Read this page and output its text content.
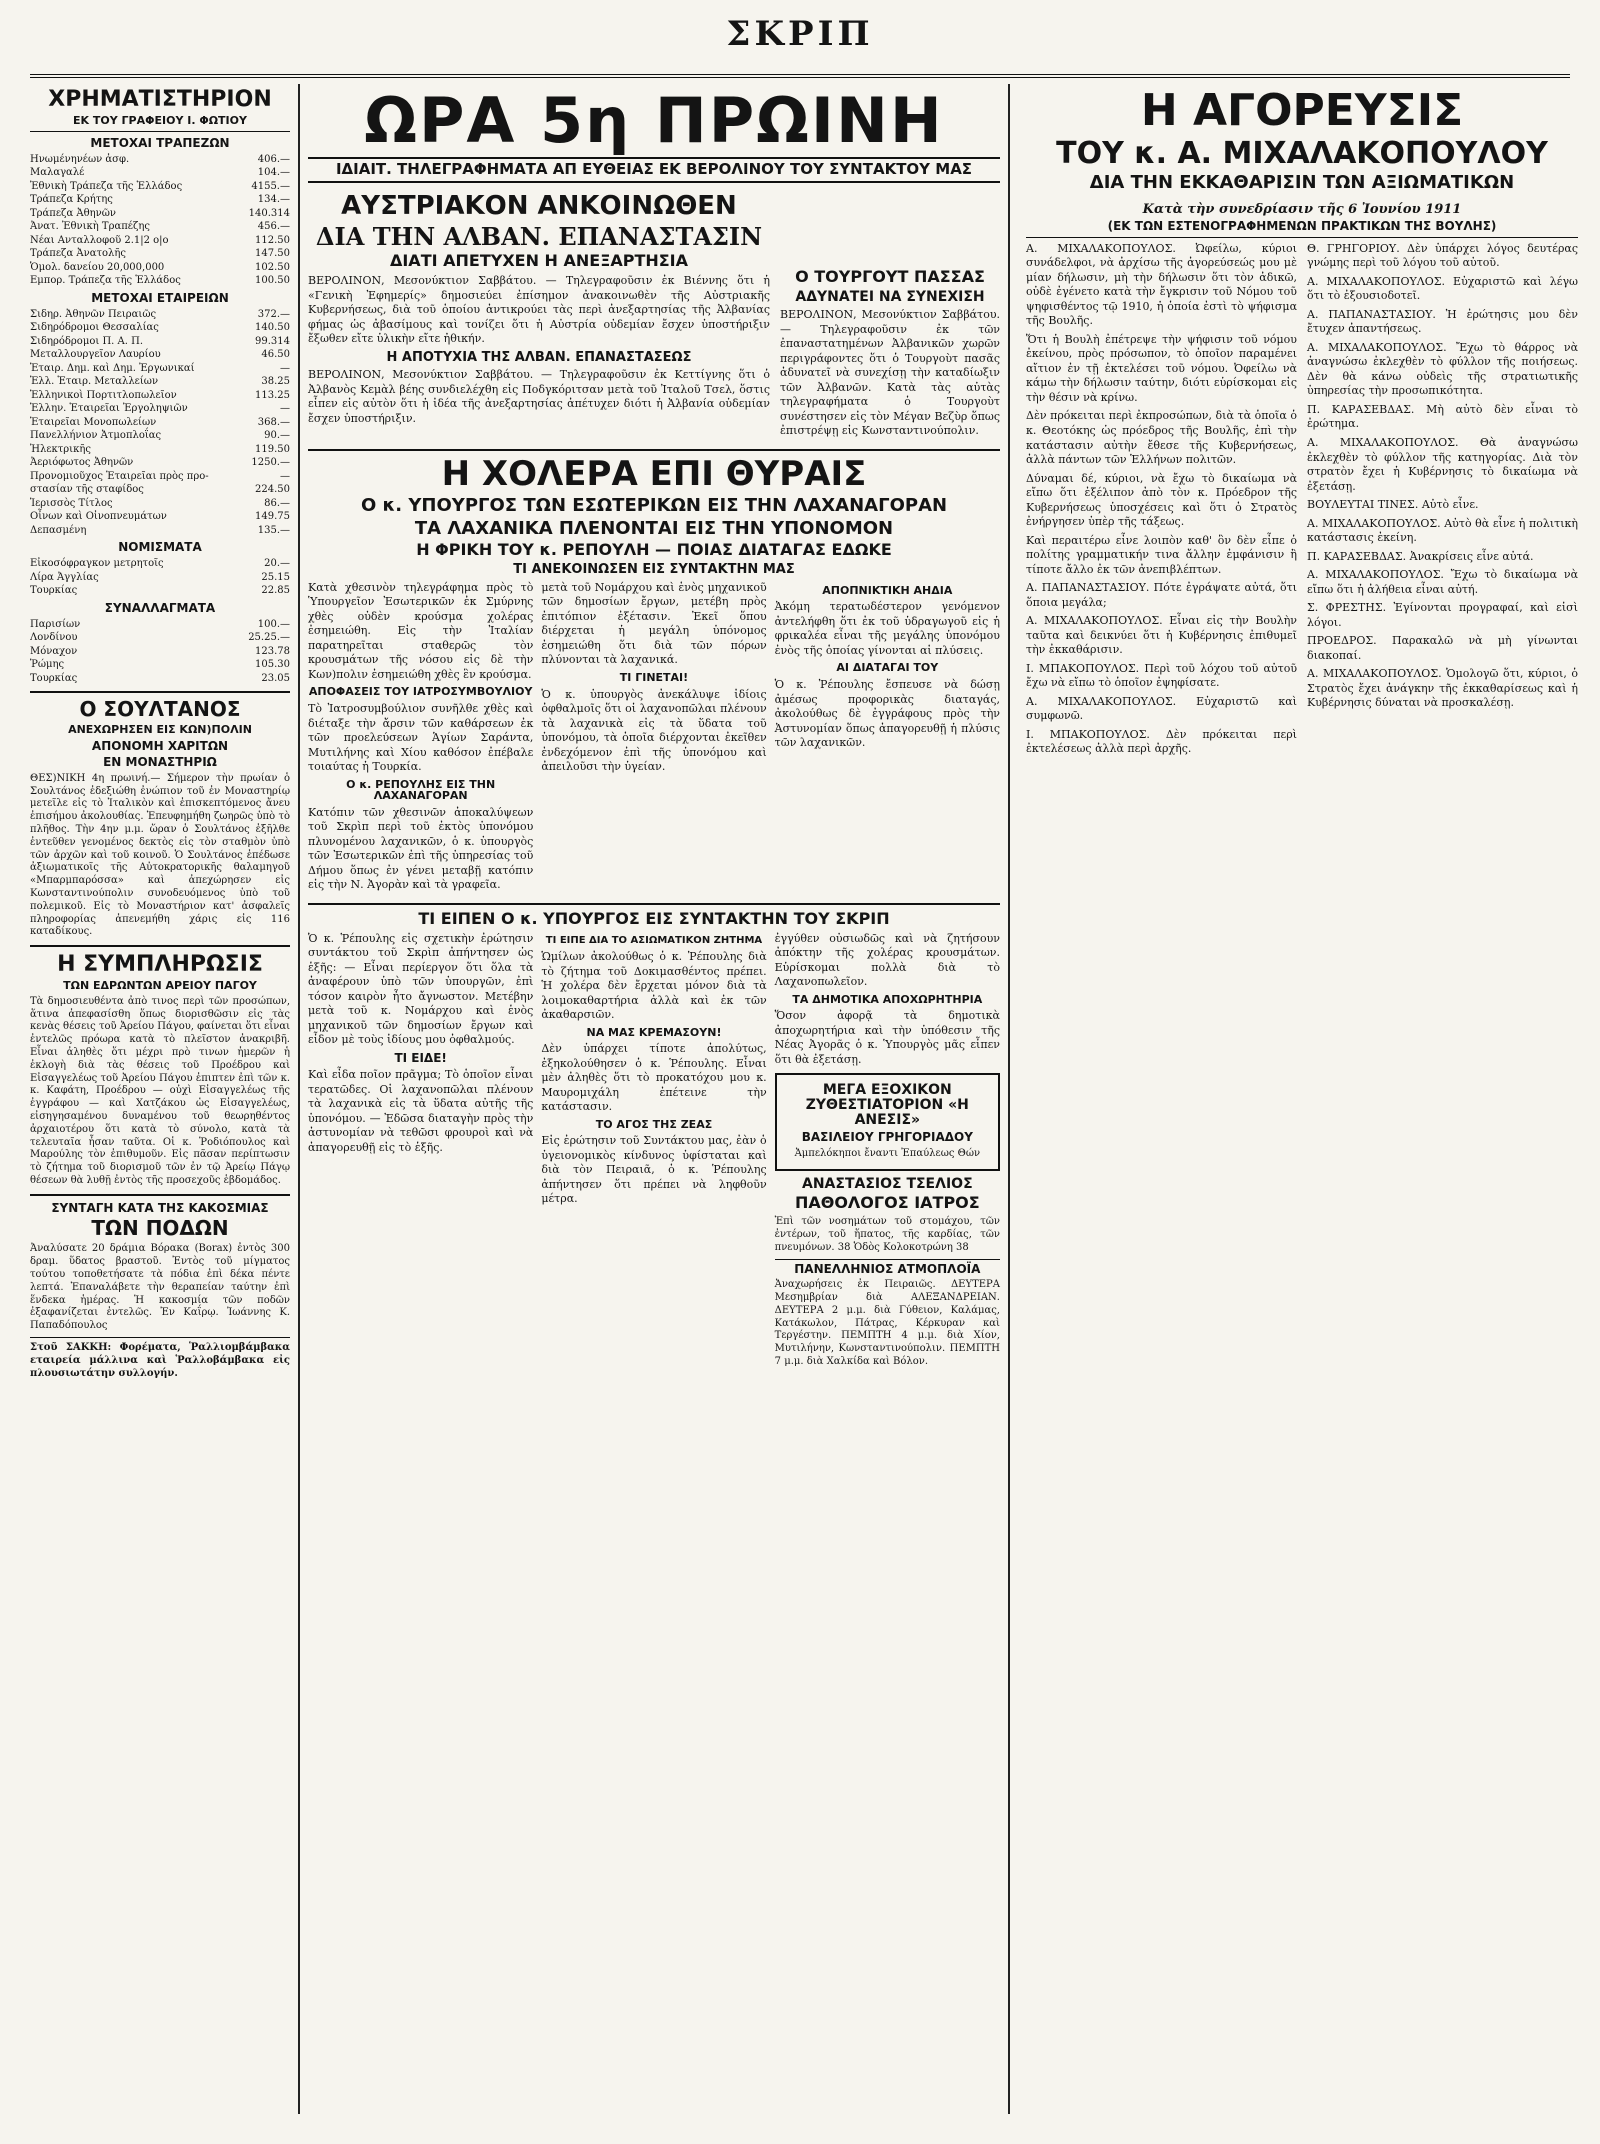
ΣΚΡΙΠ
ΧΡΗΜΑΤΙΣΤΗΡΙΟΝ
ΕΚ ΤΟΥ ΓΡΑΦΕΙΟΥ Ι. ΦΩΤΙΟΥ
ΜΕΤΟΧΑΙ ΤΡΑΠΕΖΩΝ
Ηνωμένηνέων ἀσφ.	406.—
Μαλαγαλέ	104.—
Ἐθνικὴ Τράπεζα τῆς Ἑλλάδος	4155.—
Τράπεζα Κρήτης	134.—
Τράπεζα Ἀθηνῶν	140.314
Ἀνατ. Ἐθνικὴ Τραπέζης	456.—
Νέαι Ανταλλοφοῦ 2.1|2 ο|ο	112.50
Τράπεζα Ἀνατολῆς	147.50
Ὁμολ. δανείου 20,000,000	102.50
Εμπορ. Τράπεζα τῆς Ἑλλάδος	100.50
ΜΕΤΟΧΑΙ ΕΤΑΙΡΕΙΩΝ
Σιδηρ. Ἀθηνῶν Πειραιῶς	372.—
Σιδηρόδρομοι Θεσσαλίας	140.50
Σιδηρόδρομοι Π. Α. Π.	99.314
Μεταλλουργεῖον Λαυρίου	46.50
Ἑταιρ. Δημ. καὶ Δημ. Ἐργωνικαί	—
Ἑλλ. Ἑταιρ. Μεταλλείων	38.25
Ἑλληνικοὶ Πορτιτλοπωλεῖον	113.25
Ἑλλην. Ἑταιρεῖαι Ἐργοληψιῶν	—
Ἑταιρεῖαι Μονοπωλείων	368.—
Πανελλήνιον Ἀτμοπλοΐας	90.—
Ἠλεκτρικῆς	119.50
Ἀεριόφωτος Ἀθηνῶν	1250.—
Προνομιοῦχος Ἑταιρεῖαι πρὸς προ-	—
στασίαν τῆς σταφίδος	224.50
Ἱερισσὸς Τίτλος	86.—
Οἶνων καὶ Οἰνοπνευμάτων	149.75
Δεπασμένη	135.—
ΝΟΜΙΣΜΑΤΑ
Εἰκοσόφραγκον μετρητοῖς	20.—
Λίρα Ἀγγλίας	25.15
Τουρκίας	22.85
ΣΥΝΑΛΛΑΓΜΑΤΑ
Παρισίων	100.—
Λονδίνου	25.25.—
Μόναχον	123.78
Ῥώμης	105.30
Τουρκίας	23.05
Ο ΣΟΥΛΤΑΝΟΣ
ΑΝΕΧΩΡΗΣΕΝ ΕΙΣ ΚΩΝ)ΠΟΛΙΝ
ΑΠΟΝΟΜΗ ΧΑΡΙΤΩΝ
ΕΝ ΜΟΝΑΣΤΗΡΙΩ

ΘΕΣ)ΝΙΚΗ 4η πρωινή.— Σήμερον τὴν πρωίαν ὁ Σουλτάνος ἐδεξιώθη ἐνώπιον τοῦ ἐν Μοναστηρίῳ μετεῖλε εἰς τὸ Ἰταλικὸν καὶ ἐπισκεπτόμενος ἄνευ ἐπισήμου ἀκολουθίας. Ἐπευφημήθη ζωηρῶς ὑπὸ τὸ πλῆθος. Τὴν 4ην μ.μ. ὥραν ὁ Σουλτάνος ἐξῆλθε ἐντεῦθεν γενομένος δεκτὸς εἰς τὸν σταθμὸν ὑπὸ τῶν ἀρχῶν καὶ τοῦ κοινοῦ. Ὁ Σουλτάνος ἐπέδωσε ἀξιωματικοῖς τῆς Αὐτοκρατορικῆς θαλαμηγοῦ «Μπαρμπαρόσσα» καὶ ἀπεχώρησεν εἰς Κωνσταντινούπολιν συνοδευόμενος ὑπὸ τοῦ πολεμικοῦ. Εἰς τὸ Μοναστήριον κατ' ἀσφαλεῖς πληροφορίας ἀπενεμήθη χάρις εἰς 116 καταδίκους.

Η ΣΥΜΠΛΗΡΩΣΙΣ
ΤΩΝ ΕΔΡΩΝΤΩΝ ΑΡΕΙΟΥ ΠΑΓΟΥ

Τὰ δημοσιευθέντα ἀπὸ τινος περὶ τῶν προσώπων, ἅτινα ἀπεφασίσθη ὅπως διορισθῶσιν εἰς τὰς κενὰς θέσεις τοῦ Ἀρείου Πάγου, φαίνεται ὅτι εἶναι ἐντελῶς πρόωρα κατὰ τὸ πλεῖστον ἀνακριβῆ. Εἶναι ἀληθὲς ὅτι μέχρι πρὸ τινων ἡμερῶν ἡ ἐκλογὴ διὰ τὰς θέσεις τοῦ Προέδρου καὶ Εἰσαγγελέως τοῦ Ἀρείου Πάγου ἐπιπτεν ἐπὶ τῶν κ. κ. Καφάτη, Προέδρου — οὐχὶ Εἰσαγγελέως τῆς ἐγγράφου — καὶ Χατζάκου ὡς Εἰσαγγελέως, εἰσηγησαμένου δυναμένου τοῦ θεωρηθέντος ἀρχαιοτέρου ὅτι κατὰ τὸ σύνολο, κατὰ τὰ τελευταῖα ἦσαν ταῦτα. Οἱ κ. Ῥοδιόπουλος καὶ Μαρούλης τὸν ἐπιθυμοῦν. Εἰς πᾶσαν περίπτωσιν τὸ ζήτημα τοῦ διορισμοῦ τῶν ἐν τῷ Ἀρείῳ Πάγῳ θέσεων θὰ λυθῇ ἐντὸς τῆς προσεχοῦς ἑβδομάδος.

ΣΥΝΤΑΓΗ ΚΑΤΑ ΤΗΣ ΚΑΚΟΣΜΙΑΣ
ΤΩΝ ΠΟΔΩΝ

Ἀναλύσατε 20 δράμια Βόρακα (Borax) ἐντὸς 300 δραμ. ὕδατος βραστοῦ. Ἐντὸς τοῦ μίγματος τούτου τοποθετήσατε τὰ πόδια ἐπὶ δέκα πέντε λεπτά. Ἐπαναλάβετε τὴν θεραπείαν ταύτην ἐπὶ ἕνδεκα ἡμέρας. Ἡ κακοσμία τῶν ποδῶν ἐξαφανίζεται ἐντελῶς. Ἐν Καΐρῳ. Ἰωάννης Κ. Παπαδόπουλος

Στοῦ ΣΑΚΚΗ: Φορέματα, Ῥαλλιομβάμβακα εταιρεία μάλλινα καὶ Ῥαλλοβάμβακα εἰς πλουσιωτάτην συλλογήν.

ΩΡΑ 5η ΠΡΩΙΝΗ
ΙΔΙΑΙΤ. ΤΗΛΕΓΡΑΦΗΜΑΤΑ ΑΠ ΕΥΘΕΙΑΣ ΕΚ ΒΕΡΟΛΙΝΟΥ ΤΟΥ ΣΥΝΤΑΚΤΟΥ ΜΑΣ
ΑΥΣΤΡΙΑΚΟΝ ΑΝΚΟΙΝΩΘΕΝ
ΔΙΑ ΤΗΝ ΑΛΒΑΝ. ΕΠΑΝΑΣΤΑΣΙΝ
ΔΙΑΤΙ ΑΠΕΤΥΧΕΝ Η ΑΝΕΞΑΡΤΗΣΙΑ

ΒΕΡΟΛΙΝΟΝ, Μεσονύκτιον Σαββάτου. — Τηλεγραφοῦσιν ἐκ Βιέννης ὅτι ἡ «Γενικὴ Ἐφημερίς» δημοσιεύει ἐπίσημον ἀνακοινωθὲν τῆς Αὐστριακῆς Κυβερνήσεως, διὰ τοῦ ὁποίου ἀντικρούει τὰς περὶ ἀνεξαρτησίας τῆς Ἀλβανίας φήμας ὡς ἀβασίμους καὶ τονίζει ὅτι ἡ Αὐστρία οὐδεμίαν ἔσχεν ὑποστήριξιν ἔξωθεν εἴτε ὑλικὴν εἴτε ἠθικήν.

Η ΑΠΟΤΥΧΙΑ ΤΗΣ ΑΛΒΑΝ. ΕΠΑΝΑΣΤΑΣΕΩΣ

ΒΕΡΟΛΙΝΟΝ, Μεσονύκτιον Σαββάτου. — Τηλεγραφοῦσιν ἐκ Κεττίγνης ὅτι ὁ Ἀλβανὸς Κεμὰλ βέης συνδιελέχθη εἰς Ποδγκόριτσαν μετὰ τοῦ Ἰταλοῦ Τσελ, ὅστις εἶπεν εἰς αὐτὸν ὅτι ἡ ἰδέα τῆς ἀνεξαρτησίας ἀπέτυχεν διότι ἡ Ἀλβανία οὐδεμίαν ἔσχεν ὑποστήριξιν.

Ο ΤΟΥΡΓΟΥΤ ΠΑΣΣΑΣ
ΑΔΥΝΑΤΕΙ ΝΑ ΣΥΝΕΧΙΣΗ

ΒΕΡΟΛΙΝΟΝ, Μεσονύκτιον Σαββάτου. — Τηλεγραφοῦσιν ἐκ τῶν ἐπαναστατημένων Ἀλβανικῶν χωρῶν περιγράφοντες ὅτι ὁ Τουργοὺτ πασᾶς ἀδυνατεῖ νὰ συνεχίσῃ τὴν καταδίωξιν τῶν Ἀλβανῶν. Κατὰ τὰς αὐτὰς τηλεγραφήματα ὁ Τουργοὺτ συνέστησεν εἰς τὸν Μέγαν Βεζὺρ ὅπως ἐπιστρέψῃ εἰς Κωνσταντινούπολιν.

Η ΧΟΛΕΡΑ ΕΠΙ ΘΥΡΑΙΣ
Ο κ. ΥΠΟΥΡΓΟΣ ΤΩΝ ΕΣΩΤΕΡΙΚΩΝ ΕΙΣ ΤΗΝ ΛΑΧΑΝΑΓΟΡΑΝ
ΤΑ ΛΑΧΑΝΙΚΑ ΠΛΕΝΟΝΤΑΙ ΕΙΣ ΤΗΝ ΥΠΟΝΟΜΟΝ
Η ΦΡΙΚΗ ΤΟΥ κ. ΡΕΠΟΥΛΗ — ΠΟΙΑΣ ΔΙΑΤΑΓΑΣ ΕΔΩΚΕ
ΤΙ ΑΝΕΚΟΙΝΩΣΕΝ ΕΙΣ ΣΥΝΤΑΚΤΗΝ ΜΑΣ

Κατὰ χθεσινὸν τηλεγράφημα πρὸς τὸ Ὑπουργεῖον Ἐσωτερικῶν ἐκ Σμύρνης χθὲς οὐδὲν κρούσμα χολέρας ἐσημειώθη. Εἰς τὴν Ἰταλίαν παρατηρεῖται σταθερῶς τὸν κρουσμάτων τῆς νόσου εἰς δὲ τὴν Κων)πολιν ἐσημειώθη χθὲς ἓν κρούσμα.

ΑΠΟΦΑΣΕΙΣ ΤΟΥ ΙΑΤΡΟΣΥΜΒΟΥΛΙΟΥ

Τὸ Ἰατροσυμβούλιον συνῆλθε χθὲς καὶ διέταξε τὴν ἄρσιν τῶν καθάρσεων ἐκ τῶν προελεύσεων Ἁγίων Σαράντα, Μυτιλήνης καὶ Χίου καθόσον ἐπέβαλε τοιαύτας ἡ Τουρκία.

Ο κ. ΡΕΠΟΥΛΗΣ ΕΙΣ ΤΗΝ ΛΑΧΑΝΑΓΟΡΑΝ

Κατόπιν τῶν χθεσινῶν ἀποκαλύψεων τοῦ Σκρὶπ περὶ τοῦ ἐκτὸς ὑπονόμου πλυνομένου λαχανικῶν, ὁ κ. ὑπουργὸς τῶν Ἐσωτερικῶν ἐπὶ τῆς ὑπηρεσίας τοῦ Δήμου ὅπως ἐν γένει μεταβῇ κατόπιν εἰς τὴν Ν. Ἀγορὰν καὶ τὰ γραφεῖα.

μετὰ τοῦ Νομάρχου καὶ ἑνὸς μηχανικοῦ τῶν δημοσίων ἔργων, μετέβη πρὸς ἐπιτόπιον ἐξέτασιν. Ἐκεῖ ὅπου διέρχεται ἡ μεγάλη ὑπόνομος ἐσημειώθη ὅτι διὰ τῶν πόρων πλύνονται τὰ λαχανικά.

ΤΙ ΓΙΝΕΤΑΙ!

Ὁ κ. ὑπουργὸς ἀνεκάλυψε ἰδίοις ὀφθαλμοῖς ὅτι οἱ λαχανοπῶλαι πλένουν τὰ λαχανικὰ εἰς τὰ ὕδατα τοῦ ὑπονόμου, τὰ ὁποῖα διέρχονται ἐκεῖθεν ἐνδεχόμενον ἐπὶ τῆς ὑπονόμου καὶ ἀπειλοῦσι τὴν ὑγείαν.

ΑΠΟΠΝΙΚΤΙΚΗ ΑΗΔΙΑ

Ἀκόμη τερατωδέστερον γενόμενον ἀντελήφθη ὅτι ἐκ τοῦ ὑδραγωγοῦ εἰς ἡ φρικαλέα εἶναι τῆς μεγάλης ὑπονόμου ἐνὸς τῆς ὁποίας γίνονται αἱ πλύσεις.

ΑΙ ΔΙΑΤΑΓΑΙ ΤΟΥ

Ὁ κ. Ῥέπουλης ἔσπευσε νὰ δώσῃ ἀμέσως προφορικὰς διαταγάς, ἀκολούθως δὲ ἐγγράφους πρὸς τὴν Ἀστυνομίαν ὅπως ἀπαγορευθῇ ἡ πλύσις τῶν λαχανικῶν.

ΤΙ ΕΙΠΕΝ Ο κ. ΥΠΟΥΡΓΟΣ ΕΙΣ ΣΥΝΤΑΚΤΗΝ ΤΟΥ ΣΚΡΙΠ

Ὁ κ. Ῥέπουλης εἰς σχετικὴν ἐρώτησιν συντάκτου τοῦ Σκρὶπ ἀπήντησεν ὡς ἑξῆς: — Εἶναι περίεργον ὅτι ὅλα τὰ ἀναφέρουν ὑπὸ τῶν ὑπουργῶν, ἐπὶ τόσον καιρὸν ἦτο ἄγνωστον. Μετέβην μετὰ τοῦ κ. Νομάρχου καὶ ἑνὸς μηχανικοῦ τῶν δημοσίων ἔργων καὶ εἶδον μὲ τοὺς ἰδίους μου ὀφθαλμούς.

ΤΙ ΕΙΔΕ!

Καὶ εἶδα ποῖον πρᾶγμα; Τὸ ὁποῖον εἶναι τερατῶδες. Οἱ λαχανοπῶλαι πλένουν τὰ λαχανικὰ εἰς τὰ ὕδατα αὐτῆς τῆς ὑπονόμου. — Ἐδῶσα διαταγὴν πρὸς τὴν ἀστυνομίαν νὰ τεθῶσι φρουροὶ καὶ νὰ ἀπαγορευθῇ εἰς τὸ ἑξῆς.

ΤΙ ΕΙΠΕ ΔΙΑ ΤΟ ΑΣΙΩΜΑΤΙΚΟΝ ΖΗΤΗΜΑ

Ὡμίλων ἀκολούθως ὁ κ. Ῥέπουλης διὰ τὸ ζήτημα τοῦ Δοκιμασθέντος πρέπει. Ἡ χολέρα δὲν ἔρχεται μόνον διὰ τὰ λοιμοκαθαρτήρια ἀλλὰ καὶ ἐκ τῶν ἀκαθαρσιῶν.

ΝΑ ΜΑΣ ΚΡΕΜΑΣΟΥΝ!

Δὲν ὑπάρχει τίποτε ἀπολύτως, ἐξηκολούθησεν ὁ κ. Ῥέπουλης. Εἶναι μὲν ἀληθὲς ὅτι τὸ προκατόχου μου κ. Μαυρομιχάλη ἐπέτεινε τὴν κατάστασιν.

ΤΟ ΑΓΟΣ ΤΗΣ ΖΕΑΣ

Εἰς ἐρώτησιν τοῦ Συντάκτου μας, ἐὰν ὁ ὑγειονομικὸς κίνδυνος ὑφίσταται καὶ διὰ τὸν Πειραιᾶ, ὁ κ. Ῥέπουλης ἀπήντησεν ὅτι πρέπει νὰ ληφθοῦν μέτρα.

ἐγγύθεν οὐσιωδῶς καὶ νὰ ζητήσουν ἀπόκτην τῆς χολέρας κρουσμάτων. Εὑρίσκομαι πολλὰ διὰ τὸ Λαχανοπωλεῖον.

ΤΑ ΔΗΜΟΤΙΚΑ ΑΠΟΧΩΡΗΤΗΡΙΑ

Ὅσον ἀφορᾷ τὰ δημοτικὰ ἀποχωρητήρια καὶ τὴν ὑπόθεσιν τῆς Νέας Ἀγορᾶς ὁ κ. Ὑπουργὸς μᾶς εἶπεν ὅτι θὰ ἐξετάσῃ.

ΜΕΓΑ ΕΞΟΧΙΚΟΝ ΖΥΘΕΣΤΙΑΤΟΡΙΟΝ «Η ΑΝΕΣΙΣ»
ΒΑΣΙΛΕΙΟΥ ΓΡΗΓΟΡΙΑΔΟΥ
Ἀμπελόκηποι ἔναντι Ἐπαύλεως Θών
ΑΝΑΣΤΑΣΙΟΣ ΤΣΕΛΙΟΣ
ΠΑΘΟΛΟΓΟΣ ΙΑΤΡΟΣ

Ἐπὶ τῶν νοσημάτων τοῦ στομάχου, τῶν ἐντέρων, τοῦ ἥπατος, τῆς καρδίας, τῶν πνευμόνων. 38 Ὁδὸς Κολοκοτρώνη 38

ΠΑΝΕΛΛΗΝΙΟΣ ΑΤΜΟΠΛΟΪΑ

Ἀναχωρήσεις ἐκ Πειραιῶς. ΔΕΥΤΕΡΑ Μεσημβρίαν διὰ ΑΛΕΞΑΝΔΡΕΙΑΝ. ΔΕΥΤΕΡΑ 2 μ.μ. διὰ Γύθειον, Καλάμας, Κατάκωλον, Πάτρας, Κέρκυραν καὶ Τεργέστην. ΠΕΜΠΤΗ 4 μ.μ. διὰ Χίον, Μυτιλήνην, Κωνσταντινούπολιν. ΠΕΜΠΤΗ 7 μ.μ. διὰ Χαλκίδα καὶ Βόλον.

Η ΑΓΟΡΕΥΣΙΣ
ΤΟΥ κ. Α. ΜΙΧΑΛΑΚΟΠΟΥΛΟΥ
ΔΙΑ ΤΗΝ ΕΚΚΑΘΑΡΙΣΙΝ ΤΩΝ ΑΞΙΩΜΑΤΙΚΩΝ
Κατὰ τὴν συνεδρίασιν τῆς 6 Ἰουνίου 1911
(ΕΚ ΤΩΝ ΕΣΤΕΝΟΓΡΑΦΗΜΕΝΩΝ ΠΡΑΚΤΙΚΩΝ ΤΗΣ ΒΟΥΛΗΣ)

Α. ΜΙΧΑΛΑΚΟΠΟΥΛΟΣ. Ὠφείλω, κύριοι συνάδελφοι, νὰ ἀρχίσω τῆς ἀγορεύσεώς μου μὲ μίαν δήλωσιν, μὴ τὴν δήλωσιν ὅτι τὸν ἀδικῶ, οὐδὲ ἐγένετο κατὰ τὴν ἔγκρισιν τοῦ Νόμου τοῦ ψηφισθέντος τῷ 1910, ἡ ὁποία ἐστὶ τὸ ψήφισμα τῆς Βουλῆς.

Ὅτι ἡ Βουλὴ ἐπέτρεψε τὴν ψήφισιν τοῦ νόμου ἐκείνου, πρὸς πρόσωπον, τὸ ὁποῖον παραμένει αἴτιον ἐν τῇ ἐκτελέσει τοῦ νόμου. Ὀφείλω νὰ κάμω τὴν δήλωσιν ταύτην, διότι εὑρίσκομαι εἰς τὴν θέσιν νὰ κρίνω.

Δὲν πρόκειται περὶ ἐκπροσώπων, διὰ τὰ ὁποῖα ὁ κ. Θεοτόκης ὡς πρόεδρος τῆς Βουλῆς, ἐπὶ τὴν κατάστασιν αὐτὴν ἔθεσε τῆς Κυβερνήσεως, ἀλλὰ πάντων τῶν Ἑλλήνων πολιτῶν.

Δύναμαι δέ, κύριοι, νὰ ἔχω τὸ δικαίωμα νὰ εἴπω ὅτι ἐξέλιπον ἀπὸ τὸν κ. Πρόεδρον τῆς Κυβερνήσεως ὑποσχέσεις καὶ ὅτι ὁ Στρατὸς ἐνήργησεν ὑπὲρ τῆς τάξεως.

Καὶ περαιτέρω εἶνε λοιπὸν καθ' ὃν δὲν εἶπε ὁ πολίτης γραμματικήν τινα ἄλλην ἐμφάνισιν ἢ τίποτε ἄλλο ἐκ τῶν ἀνεπιβλέπτων.

Α. ΠΑΠΑΝΑΣΤΑΣΙΟΥ. Πότε ἐγράψατε αὐτά, ὅτι ὅποια μεγάλα;

Α. ΜΙΧΑΛΑΚΟΠΟΥΛΟΣ. Εἶναι εἰς τὴν Βουλὴν ταῦτα καὶ δεικνύει ὅτι ἡ Κυβέρνησις ἐπιθυμεῖ τὴν ἐκκαθάρισιν.

Ι. ΜΠΑΚΟΠΟΥΛΟΣ. Περὶ τοῦ λόχου τοῦ αὐτοῦ ἔχω νὰ εἴπω τὸ ὁποῖον ἐψηφίσατε.

Α. ΜΙΧΑΛΑΚΟΠΟΥΛΟΣ. Εὐχαριστῶ καὶ συμφωνῶ.

Ι. ΜΠΑΚΟΠΟΥΛΟΣ. Δὲν πρόκειται περὶ ἐκτελέσεως ἀλλὰ περὶ ἀρχῆς.

Θ. ΓΡΗΓΟΡΙΟΥ. Δὲν ὑπάρχει λόγος δευτέρας γνώμης περὶ τοῦ λόγου τοῦ αὐτοῦ.

Α. ΜΙΧΑΛΑΚΟΠΟΥΛΟΣ. Εὐχαριστῶ καὶ λέγω ὅτι τὸ ἐξουσιοδοτεῖ.

Α. ΠΑΠΑΝΑΣΤΑΣΙΟΥ. Ἡ ἐρώτησις μου δὲν ἔτυχεν ἀπαντήσεως.

Α. ΜΙΧΑΛΑΚΟΠΟΥΛΟΣ. Ἔχω τὸ θάρρος νὰ ἀναγνώσω ἐκλεχθὲν τὸ φύλλον τῆς ποιήσεως. Δὲν θὰ κάνω οὐδεὶς τῆς στρατιωτικῆς ὑπηρεσίας τὴν προσωπικότητα.

Π. ΚΑΡΑΣΕΒΔΑΣ. Μὴ αὐτὸ δὲν εἶναι τὸ ἐρώτημα.

Α. ΜΙΧΑΛΑΚΟΠΟΥΛΟΣ. Θὰ ἀναγνώσω ἐκλεχθὲν τὸ φύλλον τῆς κατηγορίας. Διὰ τὸν στρατὸν ἔχει ἡ Κυβέρνησις τὸ δικαίωμα νὰ ἐξετάσῃ.

ΒΟΥΛΕΥΤΑΙ ΤΙΝΕΣ. Αὐτὸ εἶνε.

Α. ΜΙΧΑΛΑΚΟΠΟΥΛΟΣ. Αὐτὸ θὰ εἶνε ἡ πολιτικὴ κατάστασις ἐκείνη.

Π. ΚΑΡΑΣΕΒΔΑΣ. Ἀνακρίσεις εἶνε αὐτά.

Α. ΜΙΧΑΛΑΚΟΠΟΥΛΟΣ. Ἔχω τὸ δικαίωμα νὰ εἴπω ὅτι ἡ ἀλήθεια εἶναι αὐτή.

Σ. ΦΡΕΣΤΗΣ. Ἐγίνονται προγραφαί, καὶ εἰσὶ λόγοι.

ΠΡΟΕΔΡΟΣ. Παρακαλῶ νὰ μὴ γίνωνται διακοπαί.

Α. ΜΙΧΑΛΑΚΟΠΟΥΛΟΣ. Ὁμολογῶ ὅτι, κύριοι, ὁ Στρατὸς ἔχει ἀνάγκην τῆς ἐκκαθαρίσεως καὶ ἡ Κυβέρνησις δύναται νὰ προσκαλέσῃ.
